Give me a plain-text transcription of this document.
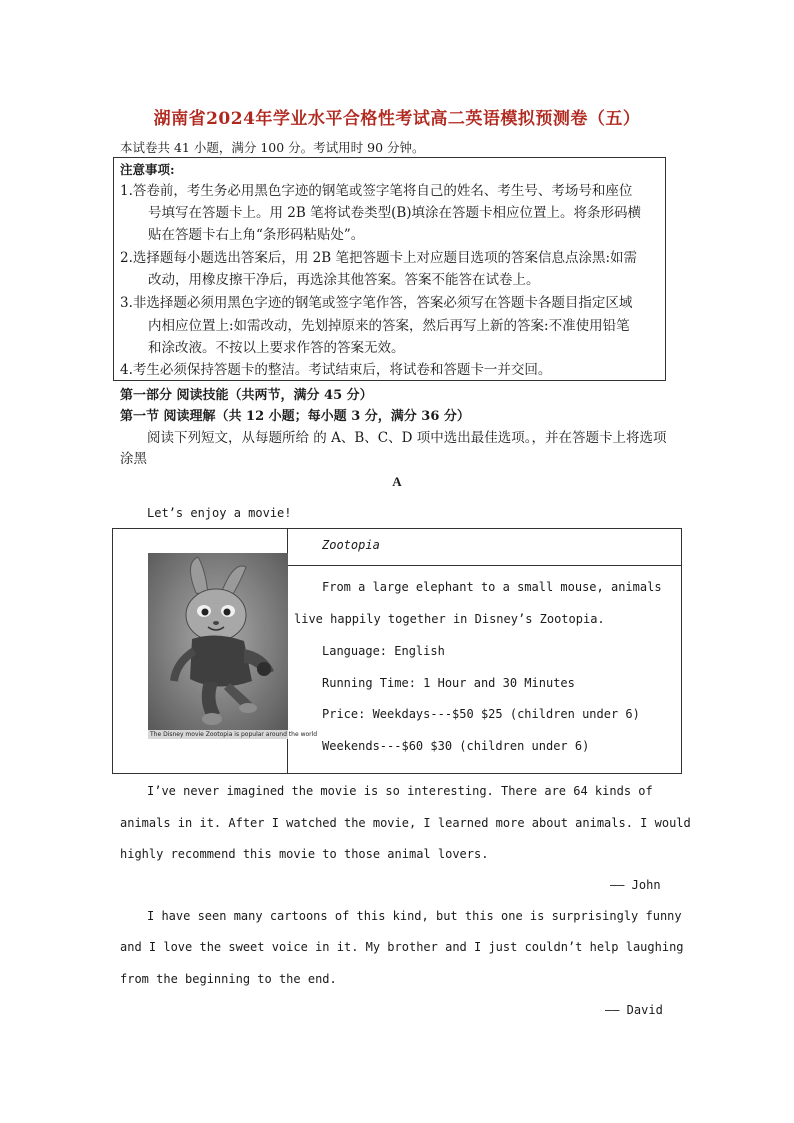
湖南省2024年学业水平合格性考试高二英语模拟预测卷（五）
本试卷共 41 小题，满分 100 分。考试用时 90 分钟。
注意事项:
1.答卷前，考生务必用黑色字迹的钢笔或签字笔将自己的姓名、考生号、考场号和座位
号填写在答题卡上。用 2B 笔将试卷类型(B)填涂在答题卡相应位置上。将条形码横
贴在答题卡右上角“条形码粘贴处”。
2.选择题每小题选出答案后，用 2B 笔把答题卡上对应题目选项的答案信息点涂黑:如需
改动，用橡皮擦干净后，再选涂其他答案。答案不能答在试卷上。
3.非选择题必须用黑色字迹的钢笔或签字笔作答，答案必须写在答题卡各题目指定区域
内相应位置上:如需改动，先划掉原来的答案，然后再写上新的答案:不准使用铅笔
和涂改液。不按以上要求作答的答案无效。
4.考生必须保持答题卡的整洁。考试结束后，将试卷和答题卡一并交回。
第一部分 阅读技能（共两节，满分 45 分）
第一节 阅读理解（共 12 小题；每小题 3 分，满分 36 分）
阅读下列短文，从每题所给 的 A、B、C、D 项中选出最佳选项。，并在答题卡上将选项
涂黑
A
Let’s enjoy a movie!
The Disney movie Zootopia is popular around the world

Zootopia

From a large elephant to a small mouse, animals
live happily together in Disney’s Zootopia.
Language: English
Running Time: 1 Hour and 30 Minutes
Price: Weekdays---$50 $25 (children under 6)
Weekends---$60 $30 (children under 6)
I’ve never imagined the movie is so interesting. There are 64 kinds of
animals in it. After I watched the movie, I learned more about animals. I would
highly recommend this movie to those animal lovers.
—— John
I have seen many cartoons of this kind, but this one is surprisingly funny
and I love the sweet voice in it. My brother and I just couldn’t help laughing
from the beginning to the end.
—— David
